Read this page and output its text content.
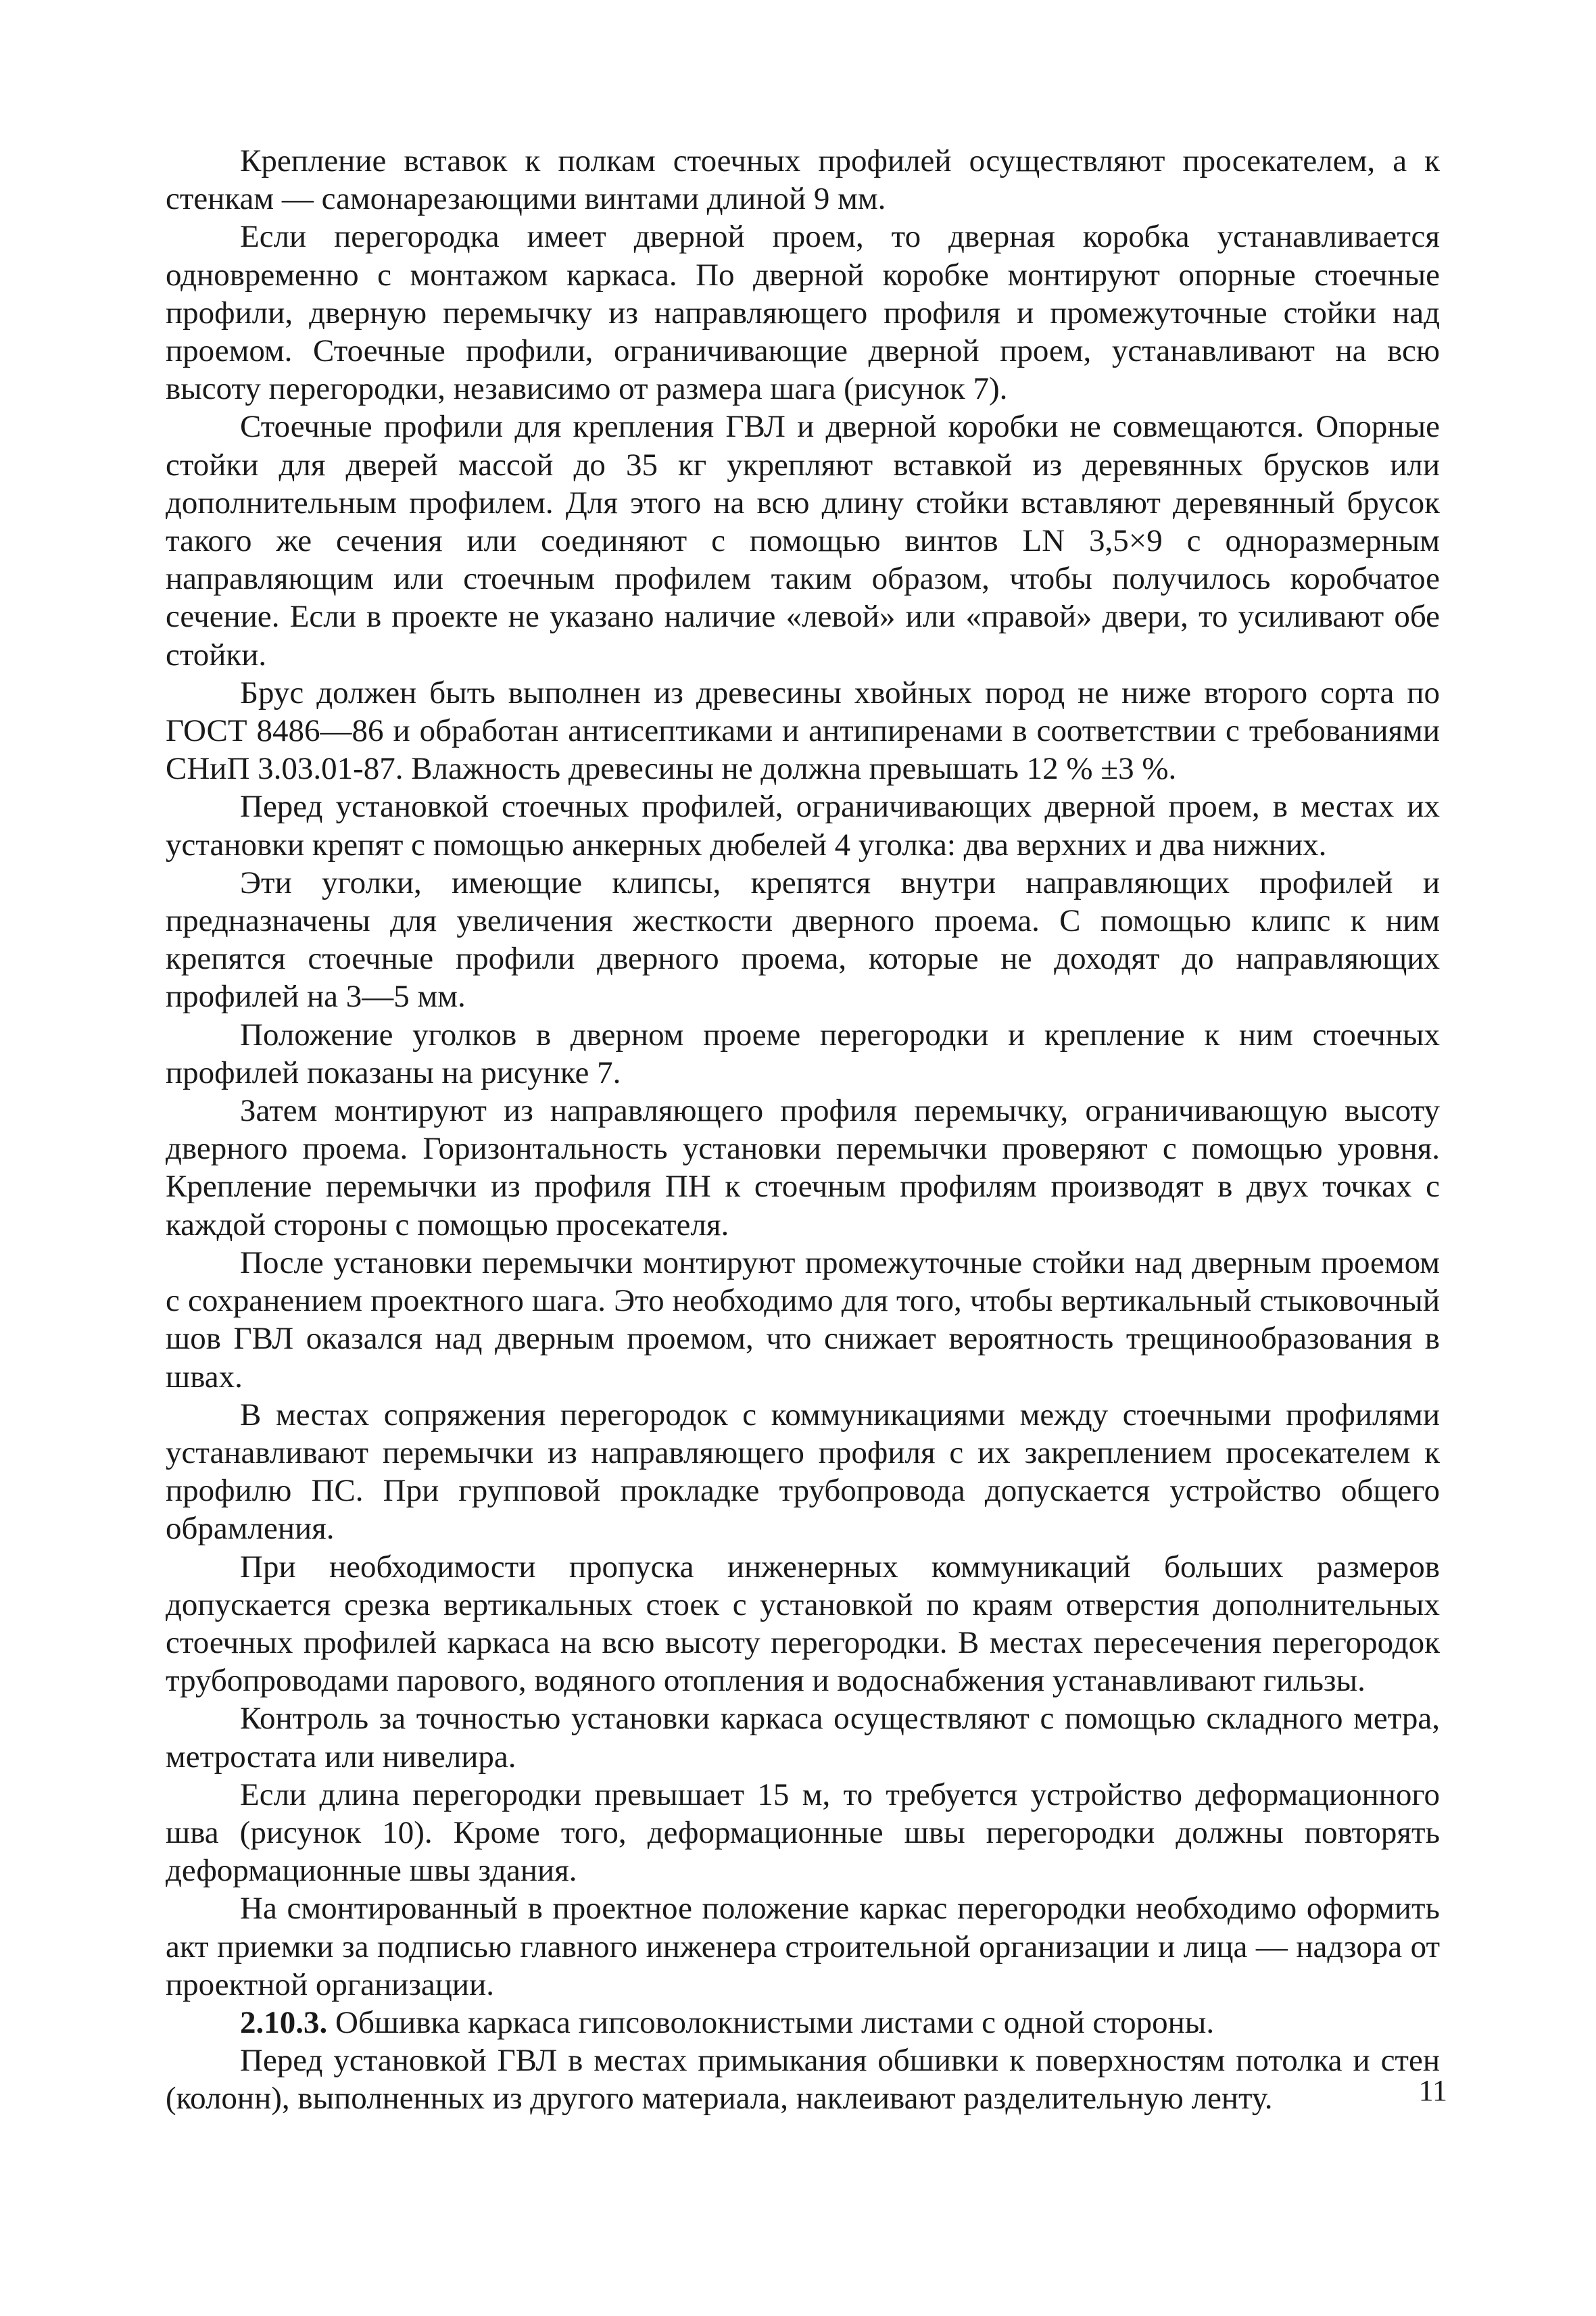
Крепление вставок к полкам стоечных профилей осуществляют просекателем, а к стенкам — самонарезающими винтами длиной 9 мм.

Если перегородка имеет дверной проем, то дверная коробка устанавливается одновременно с монтажом каркаса. По дверной коробке монтируют опорные стоечные профили, дверную перемычку из направляющего профиля и промежуточные стойки над проемом. Стоечные профили, ограничивающие дверной проем, устанавливают на всю высоту перегородки, независимо от размера шага (рисунок 7).

Стоечные профили для крепления ГВЛ и дверной коробки не совмещаются. Опорные стойки для дверей массой до 35 кг укрепляют вставкой из деревянных брусков или дополнительным профилем. Для этого на всю длину стойки вставляют деревянный брусок такого же сечения или соединяют с помощью винтов LN 3,5×9 с одноразмерным направляющим или стоечным профилем таким образом, чтобы получилось коробчатое сечение. Если в проекте не указано наличие «левой» или «правой» двери, то усиливают обе стойки.

Брус должен быть выполнен из древесины хвойных пород не ниже второго сорта по ГОСТ 8486—86 и обработан антисептиками и антипиренами в соответствии с требованиями СНиП 3.03.01-87. Влажность древесины не должна превышать 12 % ±3 %.

Перед установкой стоечных профилей, ограничивающих дверной проем, в местах их установки крепят с помощью анкерных дюбелей 4 уголка: два верхних и два нижних.

Эти уголки, имеющие клипсы, крепятся внутри направляющих профилей и предназначены для увеличения жесткости дверного проема. С помощью клипс к ним крепятся стоечные профили дверного проема, которые не доходят до направляющих профилей на 3—5 мм.

Положение уголков в дверном проеме перегородки и крепление к ним стоечных профилей показаны на рисунке 7.

Затем монтируют из направляющего профиля перемычку, ограничивающую высоту дверного проема. Горизонтальность установки перемычки проверяют с помощью уровня. Крепление перемычки из профиля ПН к стоечным профилям производят в двух точках с каждой стороны с помощью просекателя.

После установки перемычки монтируют промежуточные стойки над дверным проемом с сохранением проектного шага. Это необходимо для того, чтобы вертикальный стыковочный шов ГВЛ оказался над дверным проемом, что снижает вероятность трещинообразования в швах.

В местах сопряжения перегородок с коммуникациями между стоечными профилями устанавливают перемычки из направляющего профиля с их закреплением просекателем к профилю ПС. При групповой прокладке трубопровода допускается устройство общего обрамления.

При необходимости пропуска инженерных коммуникаций больших размеров допускается срезка вертикальных стоек с установкой по краям отверстия дополнительных стоечных профилей каркаса на всю высоту перегородки. В местах пересечения перегородок трубопроводами парового, водяного отопления и водоснабжения устанавливают гильзы.

Контроль за точностью установки каркаса осуществляют с помощью складного метра, метростата или нивелира.

Если длина перегородки превышает 15 м, то требуется устройство деформационного шва (рисунок 10). Кроме того, деформационные швы перегородки должны повторять деформационные швы здания.

На смонтированный в проектное положение каркас перегородки необходимо оформить акт приемки за подписью главного инженера строительной организации и лица — надзора от проектной организации.

2.10.3. Обшивка каркаса гипсоволокнистыми листами с одной стороны.

Перед установкой ГВЛ в местах примыкания обшивки к поверхностям потолка и стен (колонн), выполненных из другого материала, наклеивают разделительную ленту.	11
